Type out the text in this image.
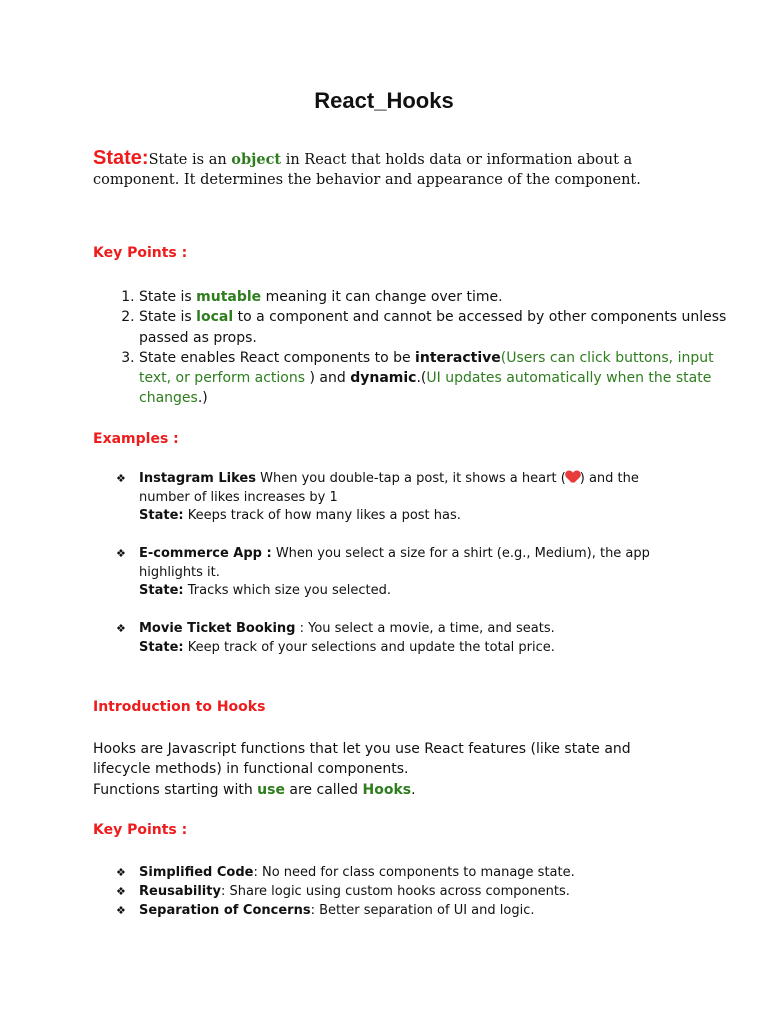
React_Hooks

State:State is an object in React that holds data or information about a component. It determines the behavior and appearance of the component.

Key Points :

1. State is mutable meaning it can change over time.
2. State is local to a component and cannot be accessed by other components unless passed as props.
3. State enables React components to be interactive(Users can click buttons, input text, or perform actions ) and dynamic.(UI updates automatically when the state changes.)

Examples :

❖	Instagram Likes When you double-tap a post, it shows a heart ( ) and the number of likes increases by 1
State: Keeps track of how many likes a post has.
❖	E-commerce App : When you select a size for a shirt (e.g., Medium), the app highlights it.
State: Tracks which size you selected.
❖	Movie Ticket Booking : You select a movie, a time, and seats.
State: Keep track of your selections and update the total price.

Introduction to Hooks

Hooks are Javascript functions that let you use React features (like state and lifecycle methods) in functional components.
Functions starting with use are called Hooks.

Key Points :

❖ Simplified Code: No need for class components to manage state.
❖ Reusability: Share logic using custom hooks across components.
❖ Separation of Concerns: Better separation of UI and logic.
